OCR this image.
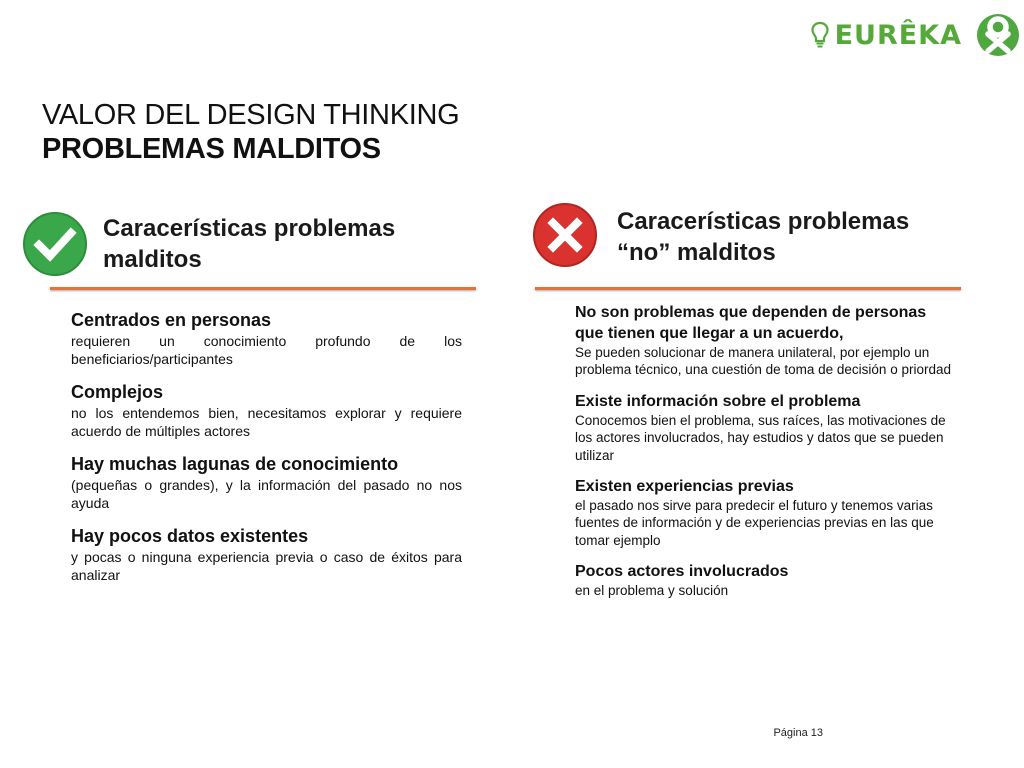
EURÊKA
VALOR DEL DESIGN THINKING
PROBLEMAS MALDITOS
Caracerísticas problemas
malditos
Caracerísticas problemas
“no” malditos
Centrados en personas
requieren un conocimiento profundo de los beneficiarios/participantes
Complejos
no los entendemos bien, necesitamos explorar y requiere acuerdo de múltiples actores
Hay muchas lagunas de conocimiento
(pequeñas o grandes), y la información del pasado no nos ayuda
Hay pocos datos existentes
y pocas o ninguna experiencia previa o caso de éxitos para analizar
No son problemas que dependen de personas que tienen que llegar a un acuerdo,
Se pueden solucionar de manera unilateral, por ejemplo un problema técnico, una cuestión de toma de decisión o priordad
Existe información sobre el problema
Conocemos bien el problema, sus raíces, las motivaciones de los actores involucrados, hay estudios y datos que se pueden utilizar
Existen experiencias previas
el pasado nos sirve para predecir el futuro y tenemos varias fuentes de información y de experiencias previas en las que tomar ejemplo
Pocos actores involucrados
en el problema y solución
Página 13
